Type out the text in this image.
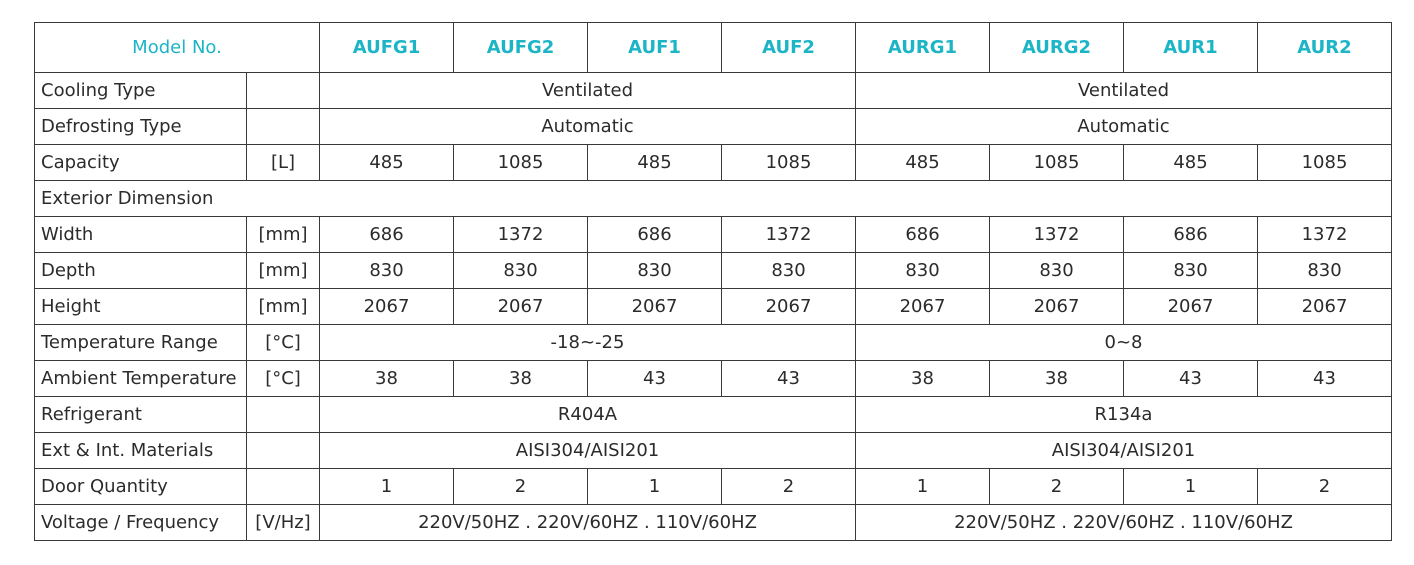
Model No.		AUFG1	AUFG2	AUF1	AUF2	AURG1	AURG2	AUR1	AUR2
Cooling Type		Ventilated				Ventilated			
Defrosting Type		Automatic				Automatic			
Capacity	[L]	485	1085	485	1085	485	1085	485	1085
Exterior Dimension									
Width	[mm]	686	1372	686	1372	686	1372	686	1372
Depth	[mm]	830	830	830	830	830	830	830	830
Height	[mm]	2067	2067	2067	2067	2067	2067	2067	2067
Temperature Range	[°C]	-18~-25				0~8			
Ambient Temperature	[°C]	38	38	43	43	38	38	43	43
Refrigerant		R404A				R134a			
Ext & Int. Materials		AISI304/AISI201				AISI304/AISI201			
Door Quantity		1	2	1	2	1	2	1	2
Voltage / Frequency	[V/Hz]	220V/50HZ . 220V/60HZ . 110V/60HZ				220V/50HZ . 220V/60HZ . 110V/60HZ			
